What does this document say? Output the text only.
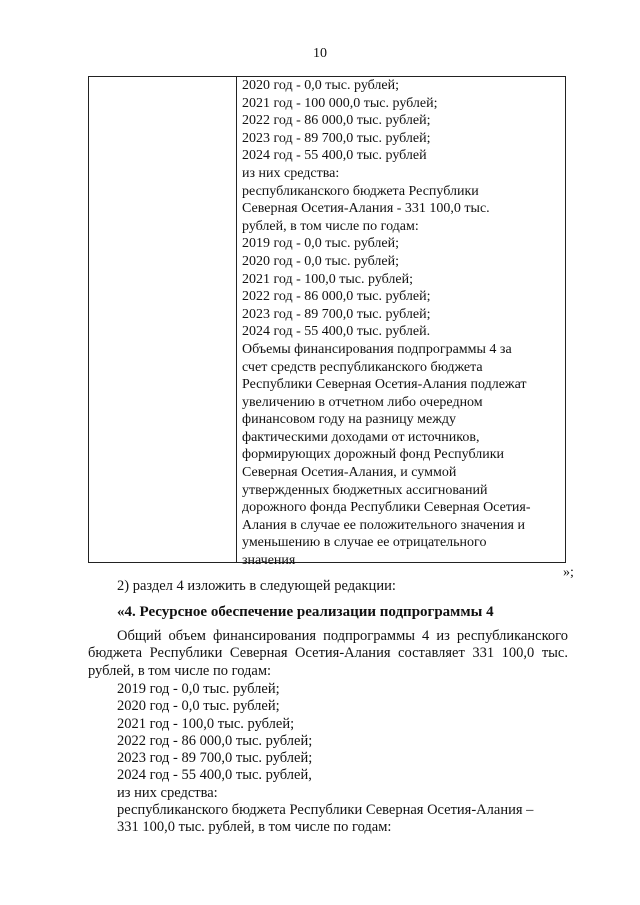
10
2020 год - 0,0 тыс. рублей;
2021 год - 100 000,0 тыс. рублей;
2022 год - 86 000,0 тыс. рублей;
2023 год - 89 700,0 тыс. рублей;
2024 год - 55 400,0 тыс. рублей
из них средства:
республиканского бюджета Республики
Северная Осетия-Алания - 331 100,0 тыс.
рублей, в том числе по годам:
2019 год - 0,0 тыс. рублей;
2020 год - 0,0 тыс. рублей;
2021 год - 100,0 тыс. рублей;
2022 год - 86 000,0 тыс. рублей;
2023 год - 89 700,0 тыс. рублей;
2024 год - 55 400,0 тыс. рублей.
Объемы финансирования подпрограммы 4 за
счет средств республиканского бюджета
Республики Северная Осетия-Алания подлежат
увеличению в отчетном либо очередном
финансовом году на разницу между
фактическими доходами от источников,
формирующих дорожный фонд Республики
Северная Осетия-Алания, и суммой
утвержденных бюджетных ассигнований
дорожного фонда Республики Северная Осетия-
Алания в случае ее положительного значения и
уменьшению в случае ее отрицательного
значения
»;
2) раздел 4 изложить в следующей редакции:
«4. Ресурсное обеспечение реализации подпрограммы 4
Общий объем финансирования подпрограммы 4 из республиканского
бюджета Республики Северная Осетия-Алания составляет 331 100,0 тыс.
рублей, в том числе по годам:
2019 год - 0,0 тыс. рублей;
2020 год - 0,0 тыс. рублей;
2021 год - 100,0 тыс. рублей;
2022 год - 86 000,0 тыс. рублей;
2023 год - 89 700,0 тыс. рублей;
2024 год - 55 400,0 тыс. рублей,
из них средства:
республиканского бюджета Республики Северная Осетия-Алания –
331 100,0 тыс. рублей, в том числе по годам:
